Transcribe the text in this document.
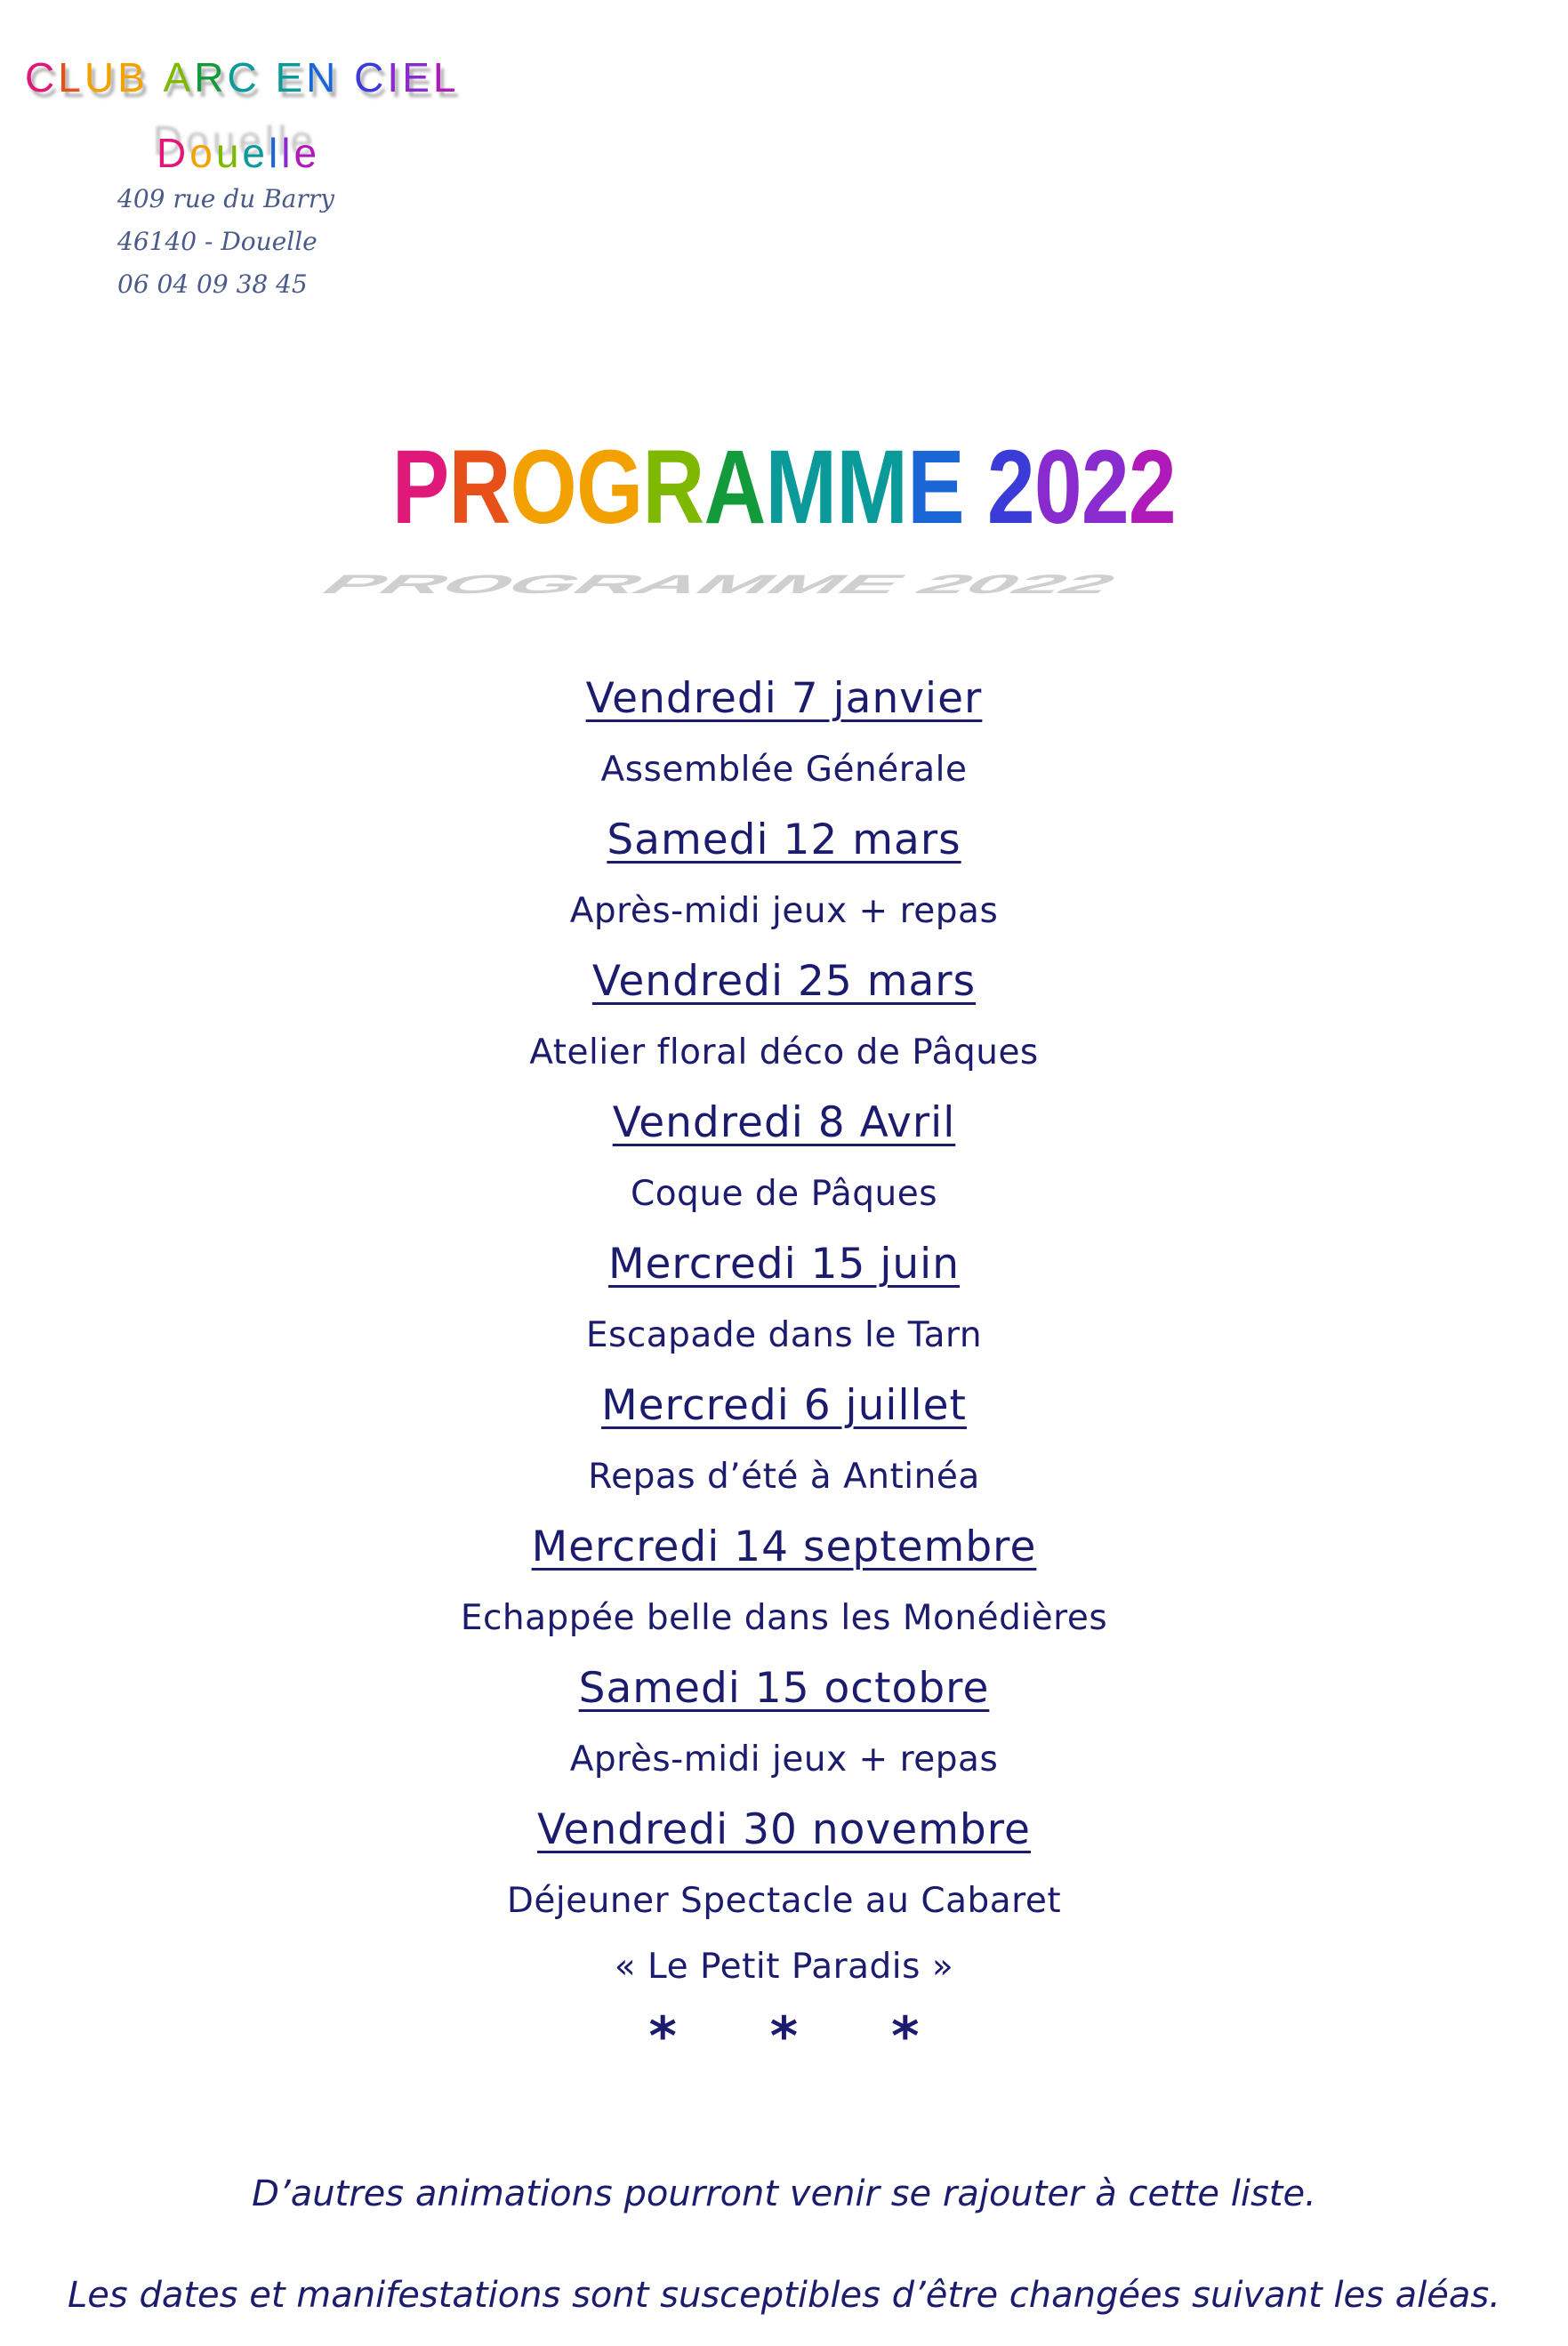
CLUB ARC EN CIEL
Douelle
409 rue du Barry
46140 - Douelle
06 04 09 38 45
PROGRAMME 2022
PROGRAMME 2022
Vendredi 7 janvier
Assemblée Générale
Samedi 12 mars
Après-midi jeux + repas
Vendredi 25 mars
Atelier floral déco de Pâques
Vendredi 8 Avril
Coque de Pâques
Mercredi 15 juin
Escapade dans le Tarn
Mercredi 6 juillet
Repas d’été à Antinéa
Mercredi 14 septembre
Echappée belle dans les Monédières
Samedi 15 octobre
Après-midi jeux + repas
Vendredi 30 novembre
Déjeuner Spectacle au Cabaret
« Le Petit Paradis »
* * *
D’autres animations pourront venir se rajouter à cette liste.
Les dates et manifestations sont susceptibles d’être changées suivant les aléas.
